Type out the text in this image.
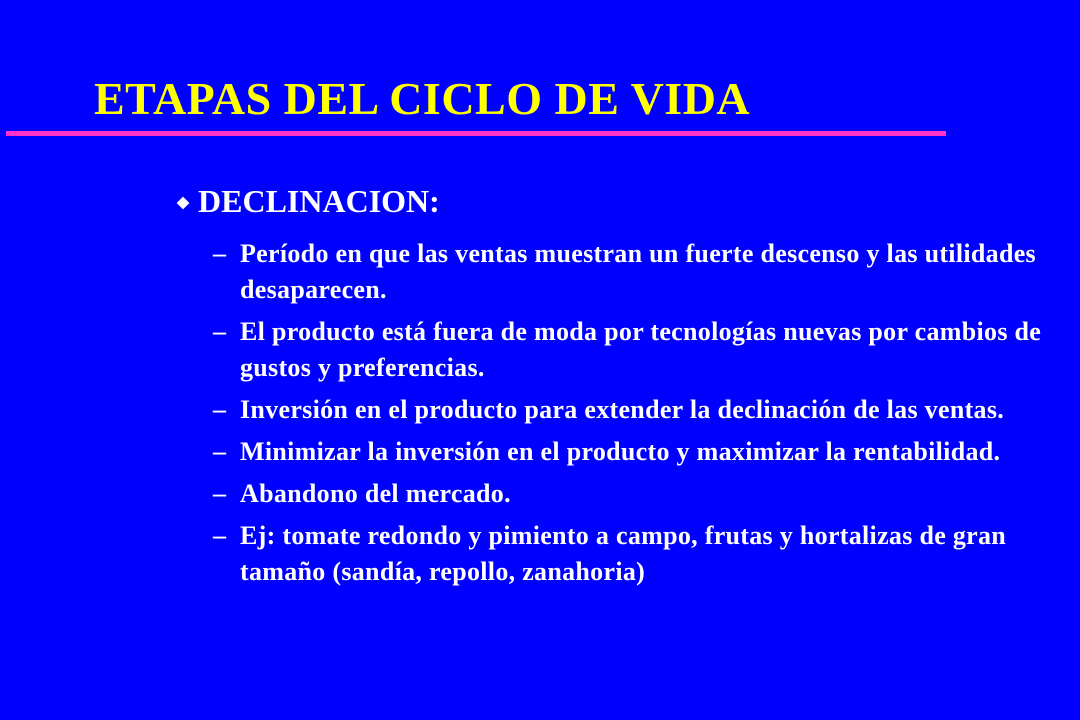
ETAPAS DEL CICLO DE VIDA
DECLINACION:
– Período en que las ventas muestran un fuerte descenso y las utilidades desaparecen.
– El producto está fuera de moda por tecnologías nuevas por cambios de gustos y preferencias.
– Inversión en el producto para extender la declinación de las ventas.
– Minimizar la inversión en el producto y maximizar la rentabilidad.
– Abandono del mercado.
– Ej: tomate redondo y pimiento a campo, frutas y hortalizas de gran tamaño (sandía, repollo, zanahoria)
